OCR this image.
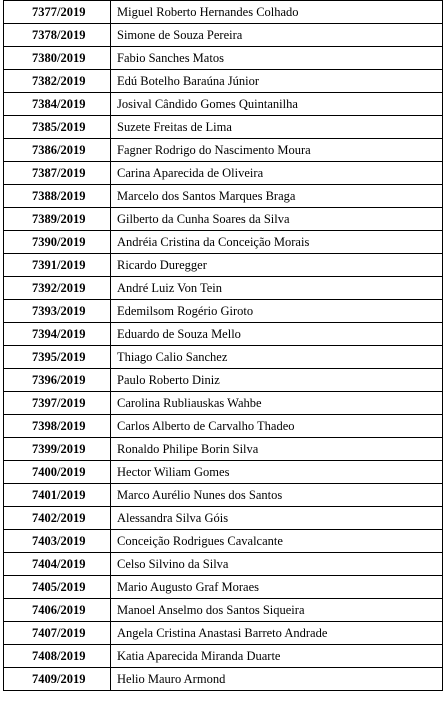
7377/2019	Miguel Roberto Hernandes Colhado
7378/2019	Simone de Souza Pereira
7380/2019	Fabio Sanches Matos
7382/2019	Edú Botelho Baraúna Júnior
7384/2019	Josival Cândido Gomes Quintanilha
7385/2019	Suzete Freitas de Lima
7386/2019	Fagner Rodrigo do Nascimento Moura
7387/2019	Carina Aparecida de Oliveira
7388/2019	Marcelo dos Santos Marques Braga
7389/2019	Gilberto da Cunha Soares da Silva
7390/2019	Andréia Cristina da Conceição Morais
7391/2019	Ricardo Duregger
7392/2019	André Luiz Von Tein
7393/2019	Edemilsom Rogério Giroto
7394/2019	Eduardo de Souza Mello
7395/2019	Thiago Calio Sanchez
7396/2019	Paulo Roberto Diniz
7397/2019	Carolina Rubliauskas Wahbe
7398/2019	Carlos Alberto de Carvalho Thadeo
7399/2019	Ronaldo Philipe Borin Silva
7400/2019	Hector Wiliam Gomes
7401/2019	Marco Aurélio Nunes dos Santos
7402/2019	Alessandra Silva Góis
7403/2019	Conceição Rodrigues Cavalcante
7404/2019	Celso Silvino da Silva
7405/2019	Mario Augusto Graf Moraes
7406/2019	Manoel Anselmo dos Santos Siqueira
7407/2019	Angela Cristina Anastasi Barreto Andrade
7408/2019	Katia Aparecida Miranda Duarte
7409/2019	Helio Mauro Armond
